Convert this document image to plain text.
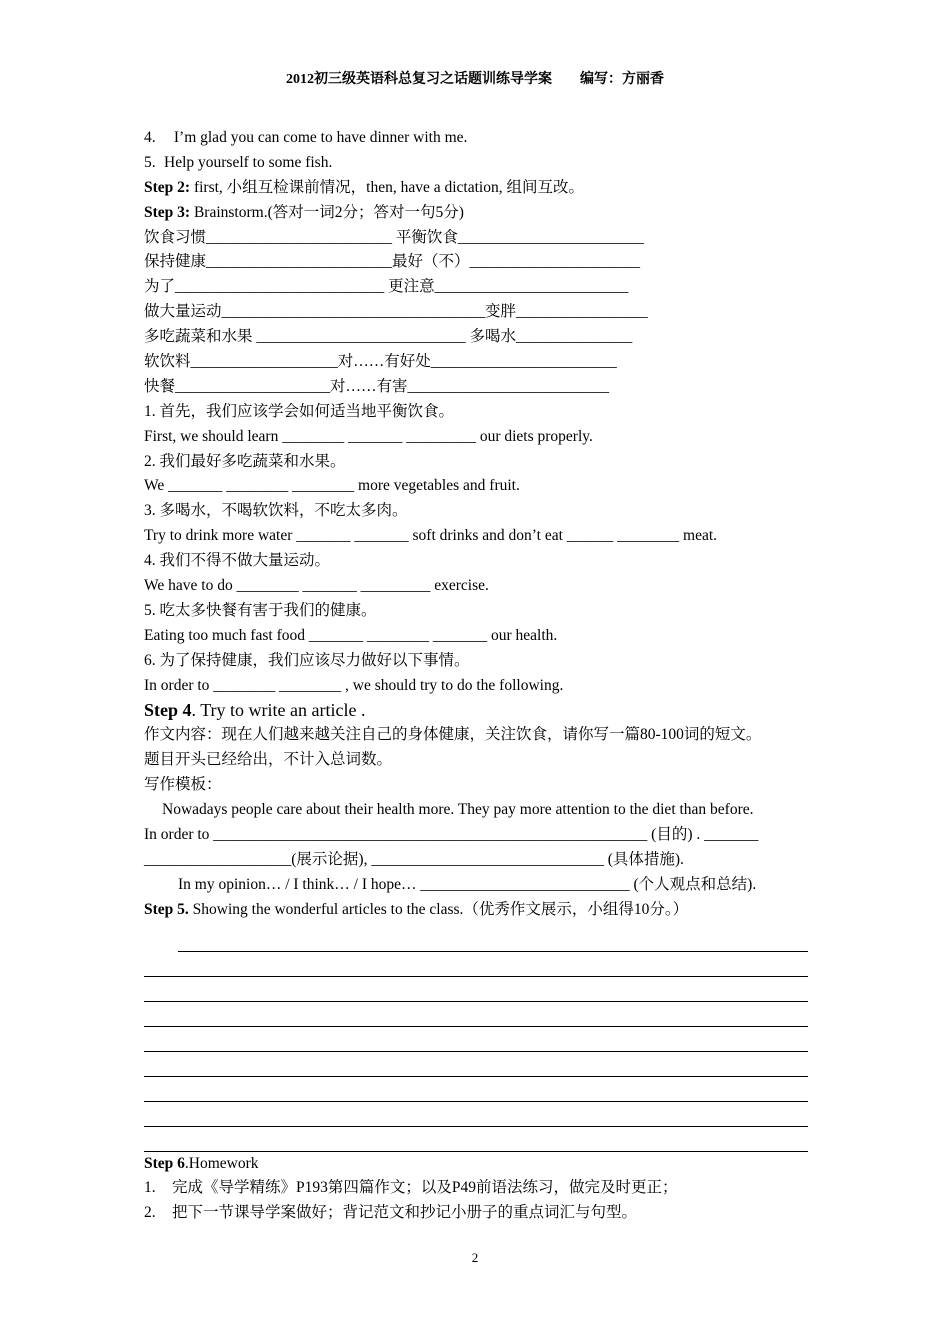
2012初三级英语科总复习之话题训练导学案        编写：方丽香
4. I’m glad you can come to have dinner with me.
5. Help yourself to some fish.
Step 2: first, 小组互检课前情况，then, have a dictation, 组间互改。
Step 3: Brainstorm.(答对一词2分；答对一句5分)
饮食习惯________________________ 平衡饮食________________________
保持健康________________________最好（不）______________________
为了___________________________ 更注意_________________________
做大量运动__________________________________变胖_________________
多吃蔬菜和水果 ___________________________ 多喝水_______________
软饮料___________________对……有好处________________________
快餐____________________对……有害__________________________
1. 首先，我们应该学会如何适当地平衡饮食。
First, we should learn ________ _______ _________ our diets properly.
2. 我们最好多吃蔬菜和水果。
We _______ ________ ________ more vegetables and fruit.
3. 多喝水，不喝软饮料，不吃太多肉。
Try to drink more water _______ _______ soft drinks and don’t eat ______ ________ meat.
4. 我们不得不做大量运动。
We have to do ________ _______ _________ exercise.
5. 吃太多快餐有害于我们的健康。
Eating too much fast food _______ ________ _______ our health.
6. 为了保持健康，我们应该尽力做好以下事情。
In order to ________ ________ , we should try to do the following.
Step 4. Try to write an article .
作文内容：现在人们越来越关注自己的身体健康，关注饮食，请你写一篇80-100词的短文。
题目开头已经给出，不计入总词数。
写作模板：
Nowadays people care about their health more. They pay more attention to the diet than before.
In order to ________________________________________________________ (目的) . _______
___________________(展示论据), ______________________________ (具体措施).
In my opinion… / I think… / I hope… ___________________________ (个人观点和总结).
Step 5. Showing the wonderful articles to the class.（优秀作文展示，小组得10分。）
Step 6.Homework
1. 完成《导学精练》P193第四篇作文；以及P49前语法练习，做完及时更正；
2. 把下一节课导学案做好；背记范文和抄记小册子的重点词汇与句型。
2
